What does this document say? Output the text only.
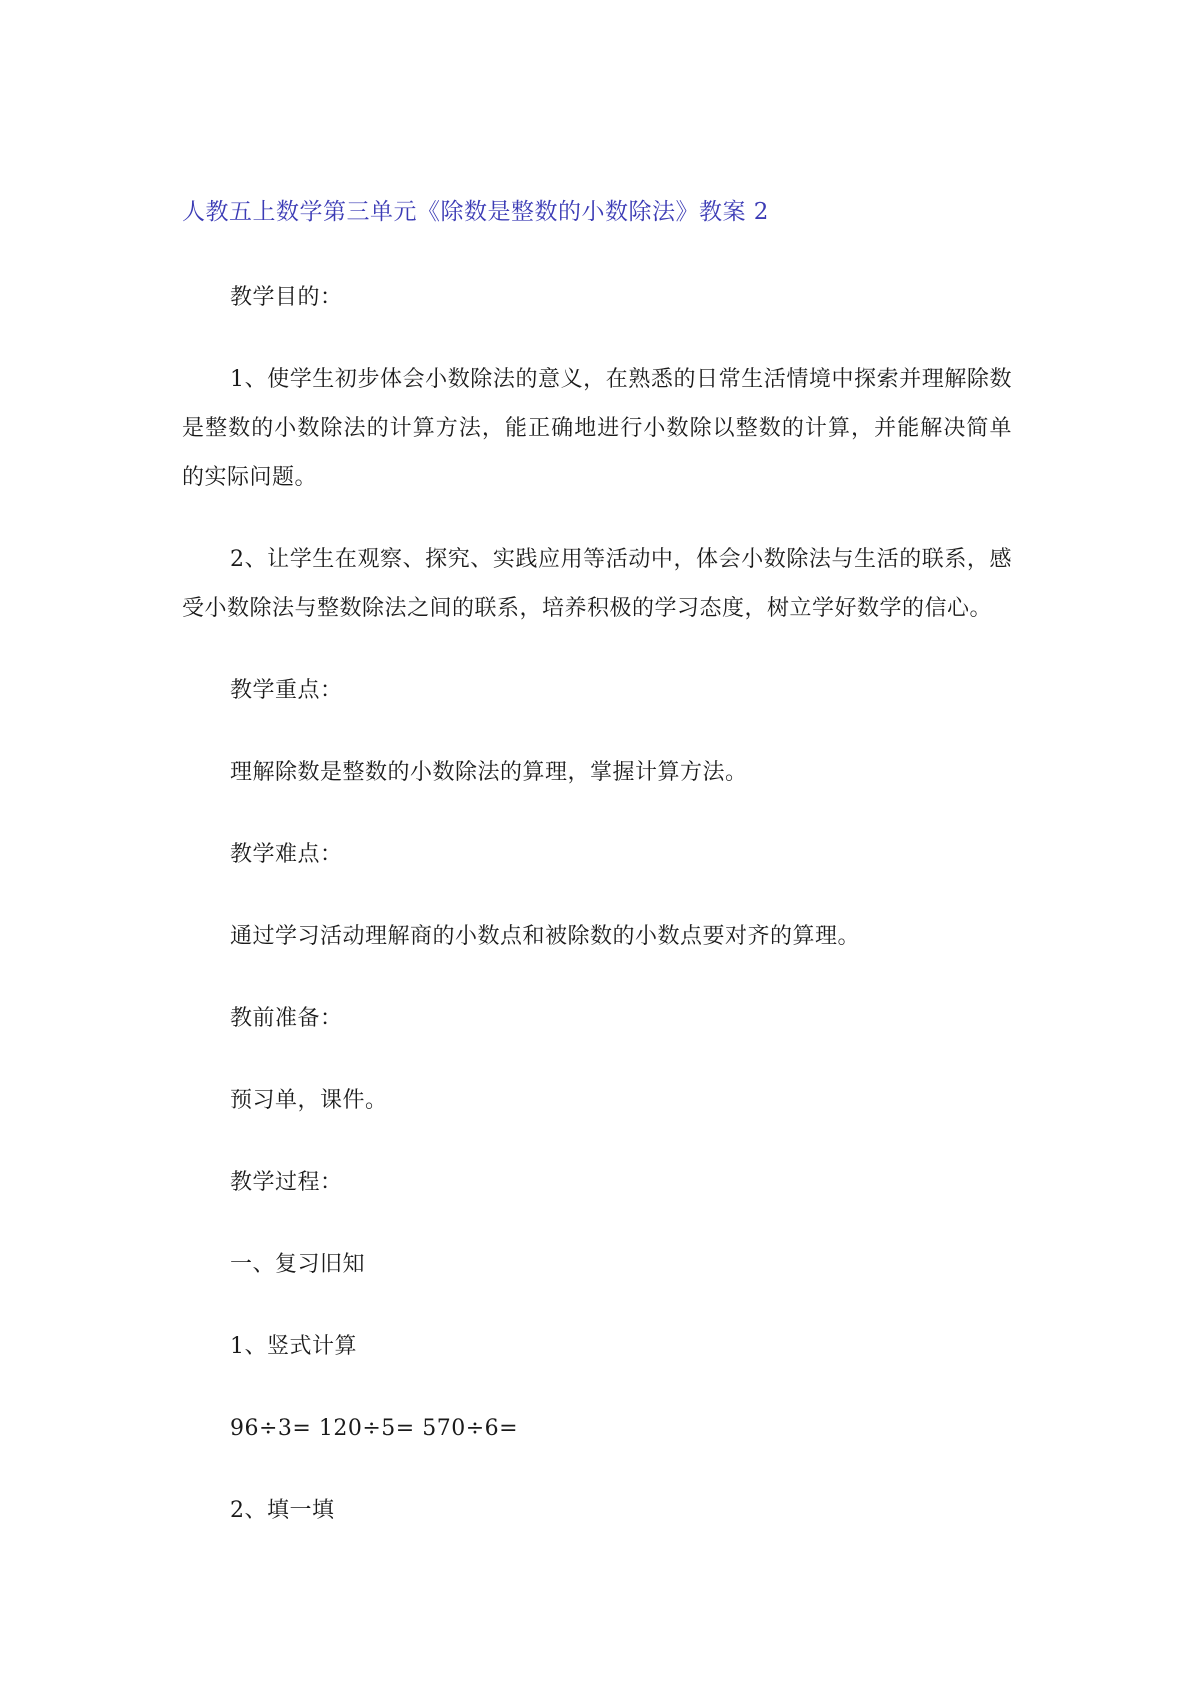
人教五上数学第三单元《除数是整数的小数除法》教案 2

教学目的：

1、使学生初步体会小数除法的意义，在熟悉的日常生活情境中探索并理解除数是整数的小数除法的计算方法，能正确地进行小数除以整数的计算，并能解决简单的实际问题。

2、让学生在观察、探究、实践应用等活动中，体会小数除法与生活的联系，感受小数除法与整数除法之间的联系，培养积极的学习态度，树立学好数学的信心。

教学重点：

理解除数是整数的小数除法的算理，掌握计算方法。

教学难点：

通过学习活动理解商的小数点和被除数的小数点要对齐的算理。

教前准备：

预习单，课件。

教学过程：

一、复习旧知

1、竖式计算

96÷3= 120÷5= 570÷6=

2、填一填
